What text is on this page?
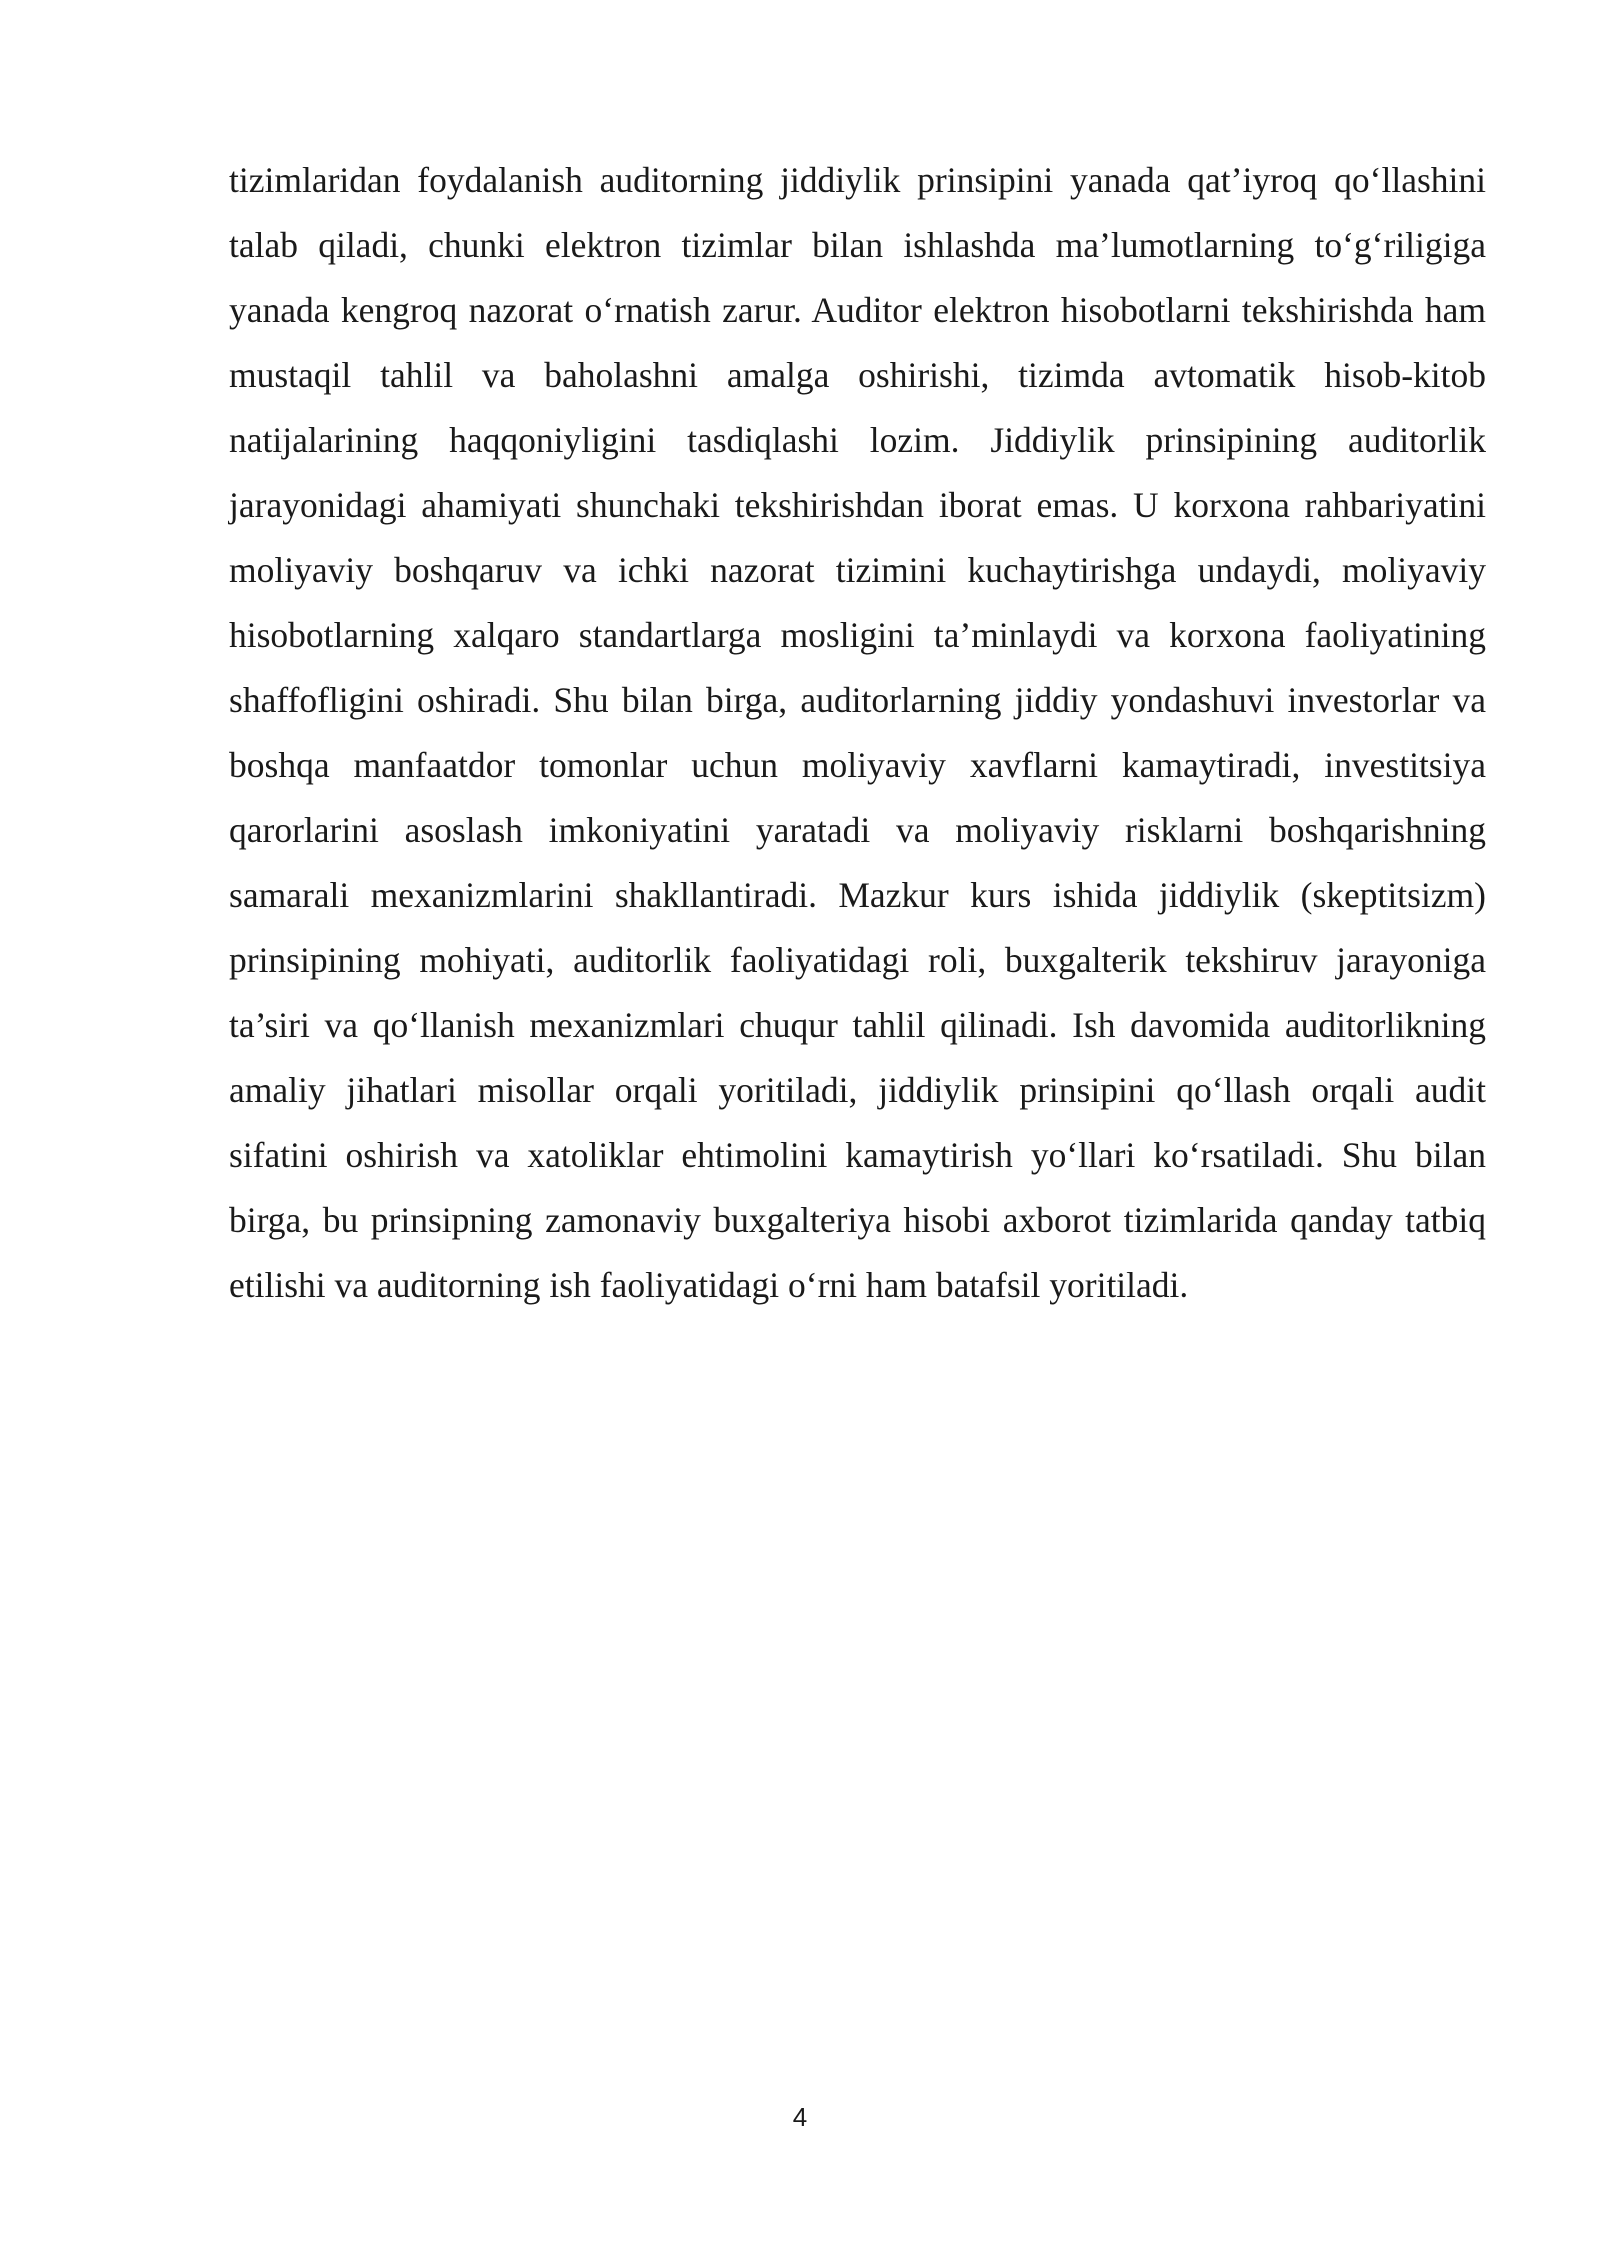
tizimlaridan foydalanish auditorning jiddiylik prinsipini yanada qat’iyroq qo‘llashini talab qiladi, chunki elektron tizimlar bilan ishlashda ma’lumotlarning to‘g‘riligiga yanada kengroq nazorat o‘rnatish zarur. Auditor elektron hisobotlarni tekshirishda ham mustaqil tahlil va baholashni amalga oshirishi, tizimda avtomatik hisob-kitob natijalarining haqqoniyligini tasdiqlashi lozim. Jiddiylik prinsipining auditorlik jarayonidagi ahamiyati shunchaki tekshirishdan iborat emas. U korxona rahbariyatini moliyaviy boshqaruv va ichki nazorat tizimini kuchaytirishga undaydi, moliyaviy hisobotlarning xalqaro standartlarga mosligini ta’minlaydi va korxona faoliyatining shaffofligini oshiradi. Shu bilan birga, auditorlarning jiddiy yondashuvi investorlar va boshqa manfaatdor tomonlar uchun moliyaviy xavflarni kamaytiradi, investitsiya qarorlarini asoslash imkoniyatini yaratadi va moliyaviy risklarni boshqarishning samarali mexanizmlarini shakllantiradi. Mazkur kurs ishida jiddiylik (skeptitsizm) prinsipining mohiyati, auditorlik faoliyatidagi roli, buxgalterik tekshiruv jarayoniga ta’siri va qo‘llanish mexanizmlari chuqur tahlil qilinadi. Ish davomida auditorlikning amaliy jihatlari misollar orqali yoritiladi, jiddiylik prinsipini qo‘llash orqali audit sifatini oshirish va xatoliklar ehtimolini kamaytirish yo‘llari ko‘rsatiladi. Shu bilan birga, bu prinsipning zamonaviy buxgalteriya hisobi axborot tizimlarida qanday tatbiq etilishi va auditorning ish faoliyatidagi o‘rni ham batafsil yoritiladi.

4
